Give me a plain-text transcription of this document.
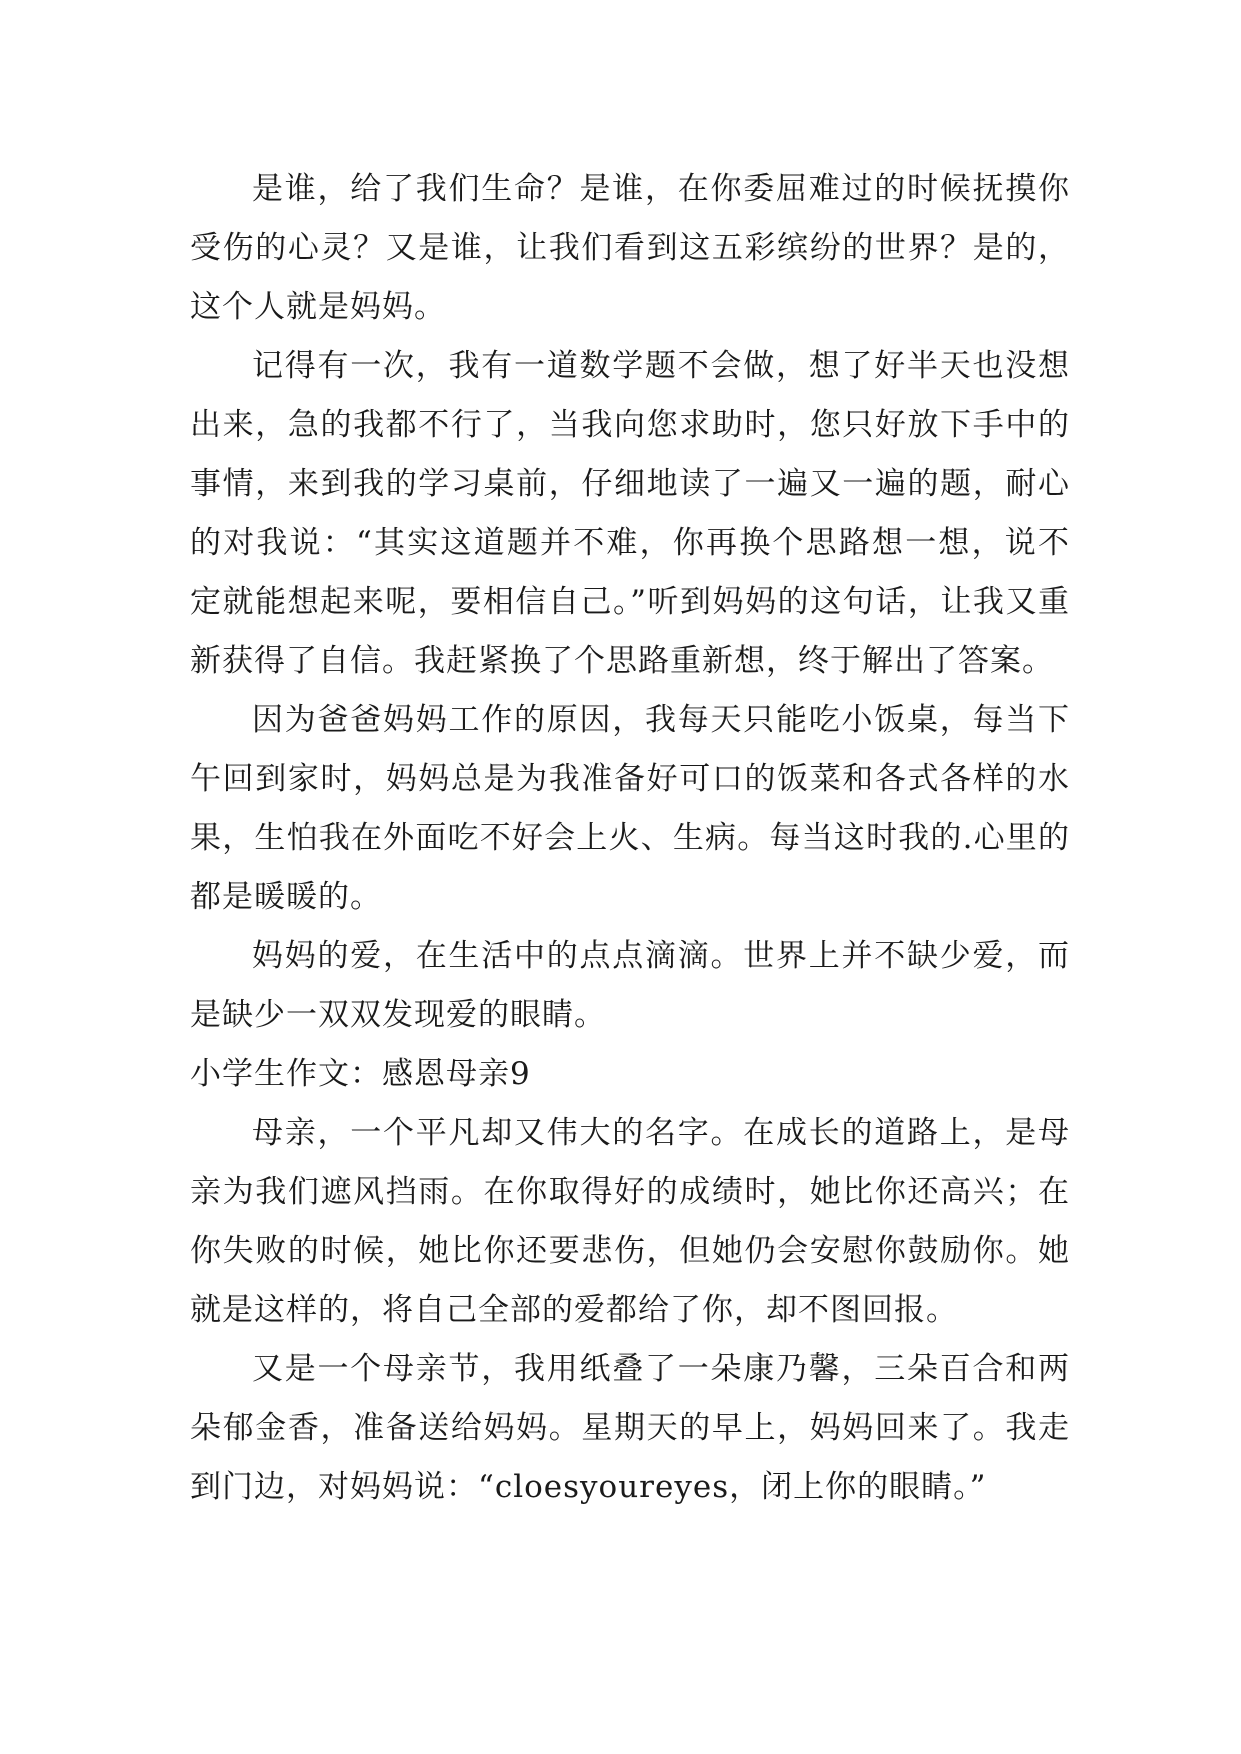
是谁，给了我们生命？是谁，在你委屈难过的时候抚摸你受伤的心灵？又是谁，让我们看到这五彩缤纷的世界？是的，这个人就是妈妈。

记得有一次，我有一道数学题不会做，想了好半天也没想出来，急的我都不行了，当我向您求助时，您只好放下手中的事情，来到我的学习桌前，仔细地读了一遍又一遍的题，耐心的对我说：“其实这道题并不难，你再换个思路想一想，说不定就能想起来呢，要相信自己。”听到妈妈的这句话，让我又重新获得了自信。我赶紧换了个思路重新想，终于解出了答案。

因为爸爸妈妈工作的原因，我每天只能吃小饭桌，每当下午回到家时，妈妈总是为我准备好可口的饭菜和各式各样的水果，生怕我在外面吃不好会上火、生病。每当这时我的.心里的都是暖暖的。

妈妈的爱，在生活中的点点滴滴。世界上并不缺少爱，而是缺少一双双发现爱的眼睛。

小学生作文：感恩母亲9

母亲，一个平凡却又伟大的名字。在成长的道路上，是母亲为我们遮风挡雨。在你取得好的成绩时，她比你还高兴；在你失败的时候，她比你还要悲伤，但她仍会安慰你鼓励你。她就是这样的，将自己全部的爱都给了你，却不图回报。

又是一个母亲节，我用纸叠了一朵康乃馨，三朵百合和两朵郁金香，准备送给妈妈。星期天的早上，妈妈回来了。我走到门边，对妈妈说：“cloesyoureyes，闭上你的眼睛。”
